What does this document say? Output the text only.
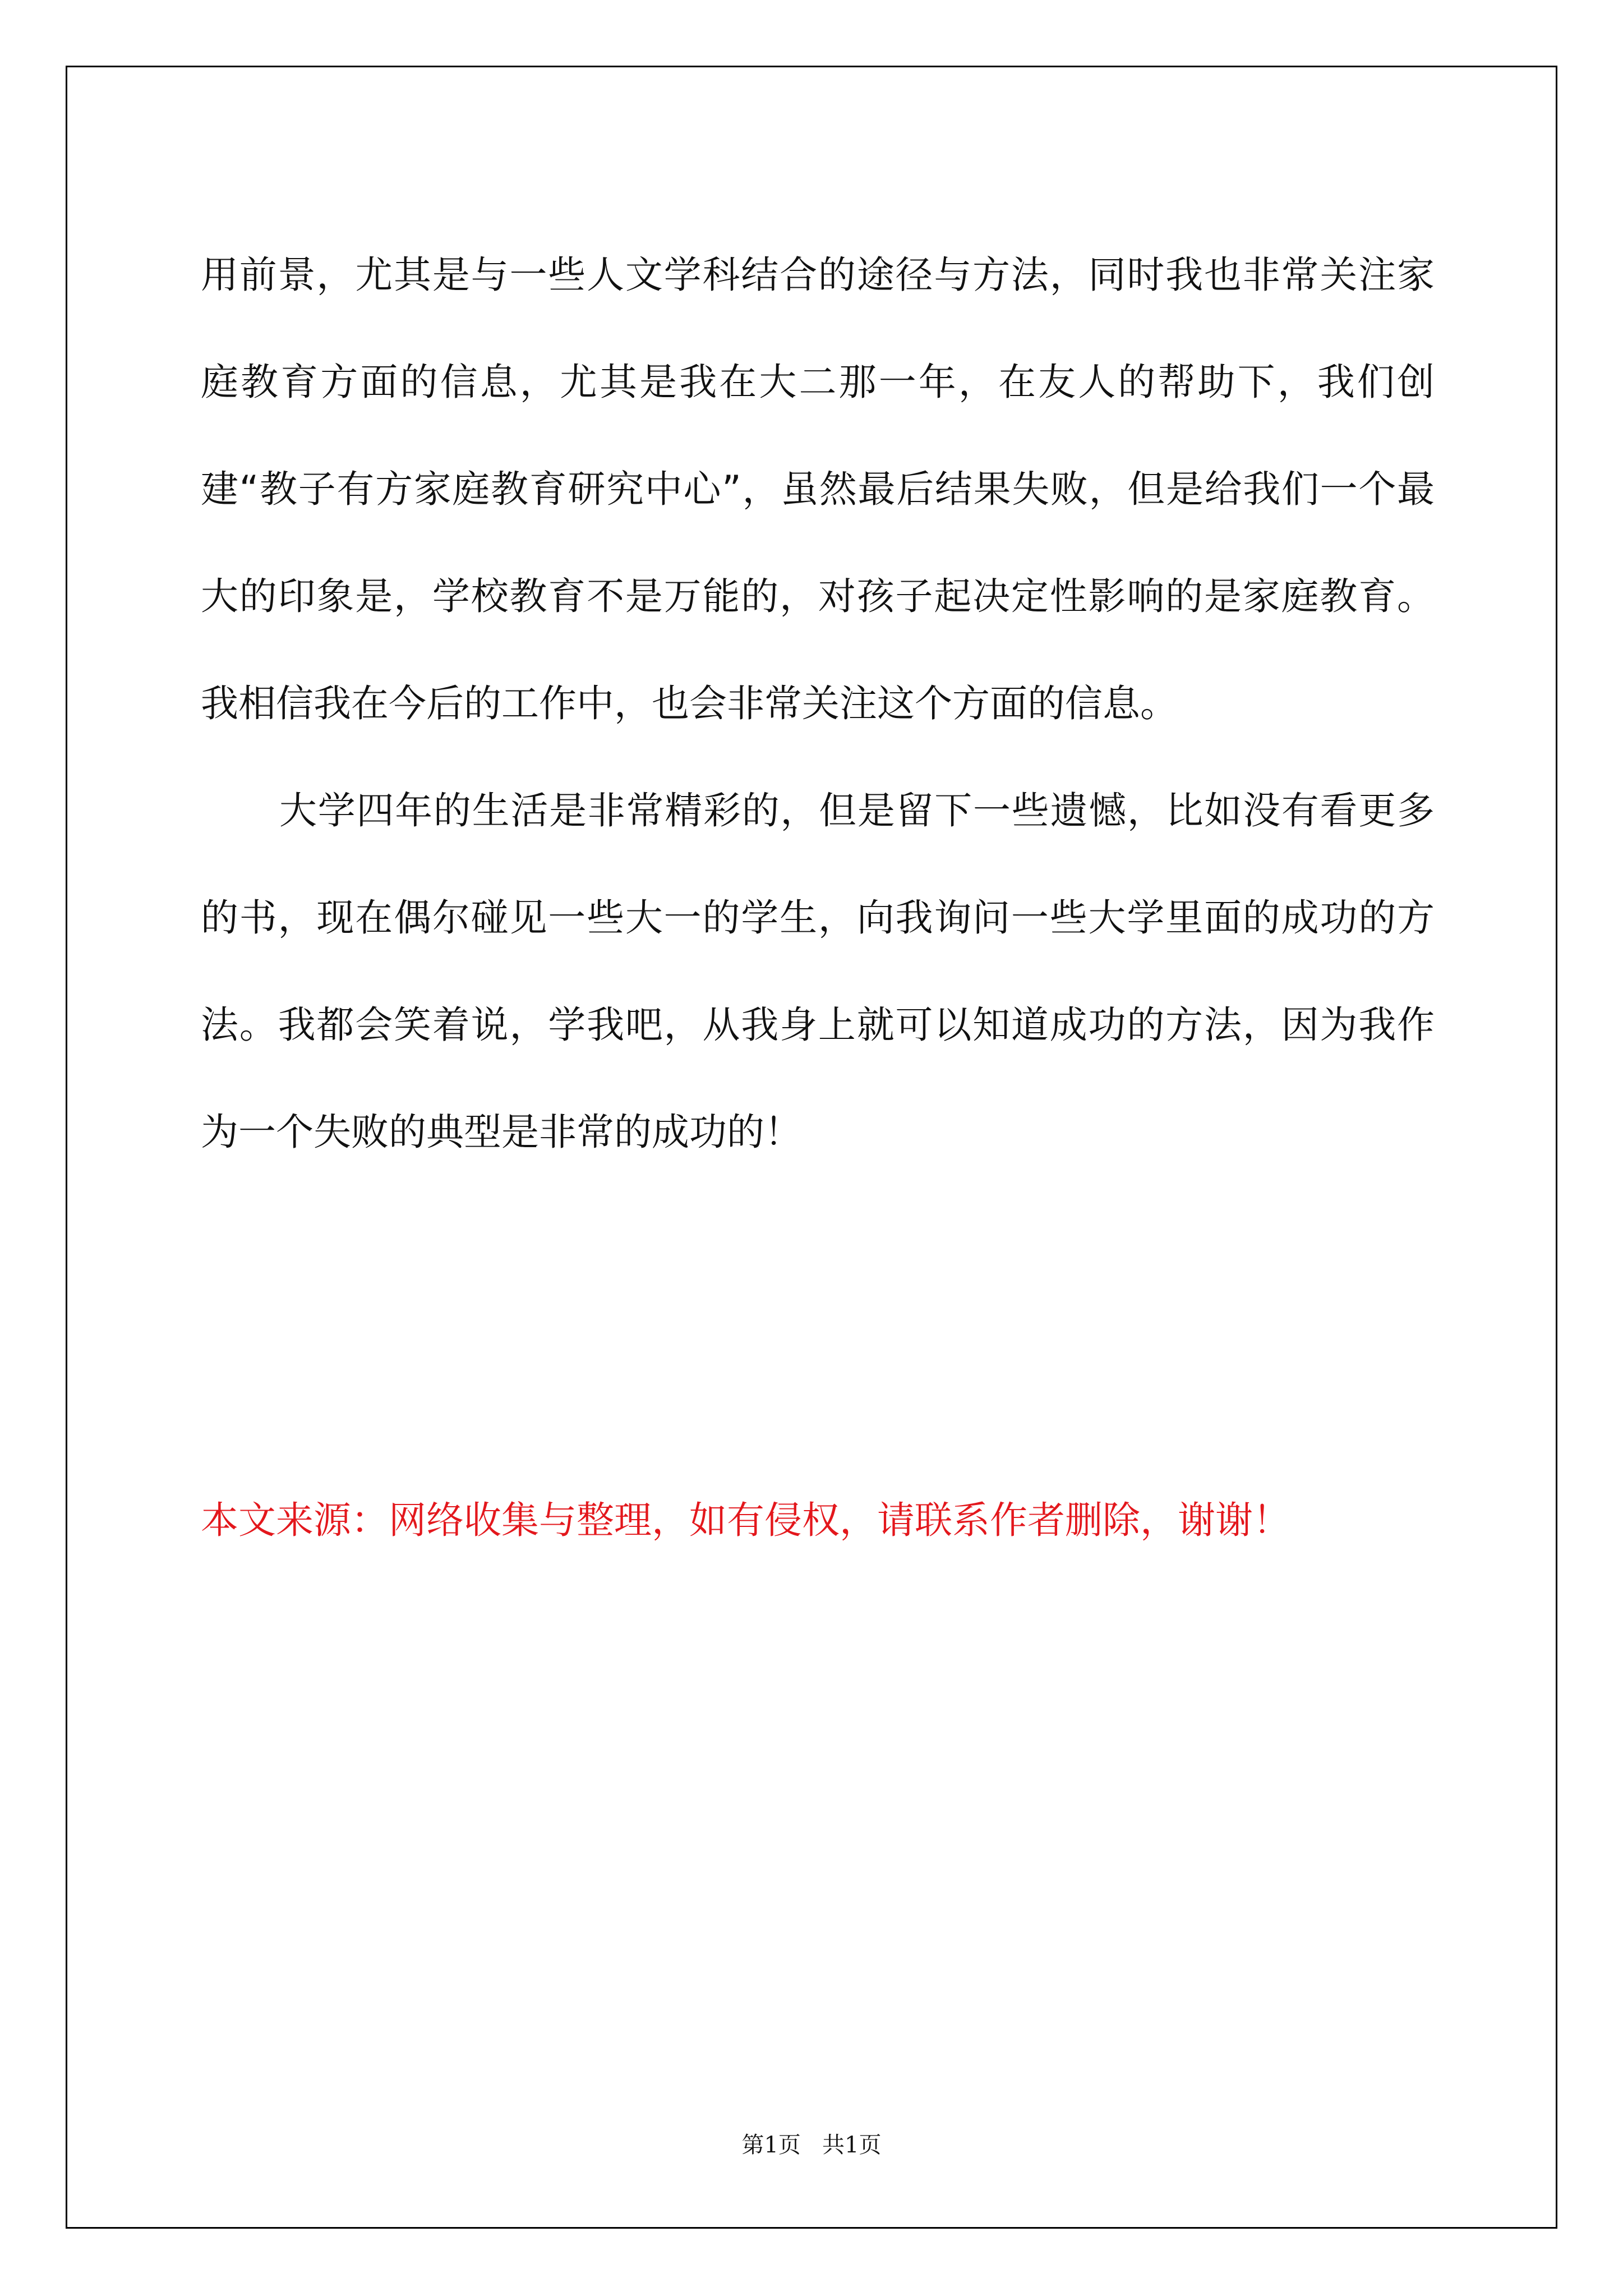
用前景，尤其是与一些人文学科结合的途径与方法，同时我也非常关注家庭教育方面的信息，尤其是我在大二那一年，在友人的帮助下，我们创建“教子有方家庭教育研究中心”，虽然最后结果失败，但是给我们一个最大的印象是，学校教育不是万能的，对孩子起决定性影响的是家庭教育。我相信我在今后的工作中，也会非常关注这个方面的信息。

大学四年的生活是非常精彩的，但是留下一些遗憾，比如没有看更多的书，现在偶尔碰见一些大一的学生，向我询问一些大学里面的成功的方法。我都会笑着说，学我吧，从我身上就可以知道成功的方法，因为我作为一个失败的典型是非常的成功的！

本文来源：网络收集与整理，如有侵权，请联系作者删除，谢谢！
第1页   共1页
